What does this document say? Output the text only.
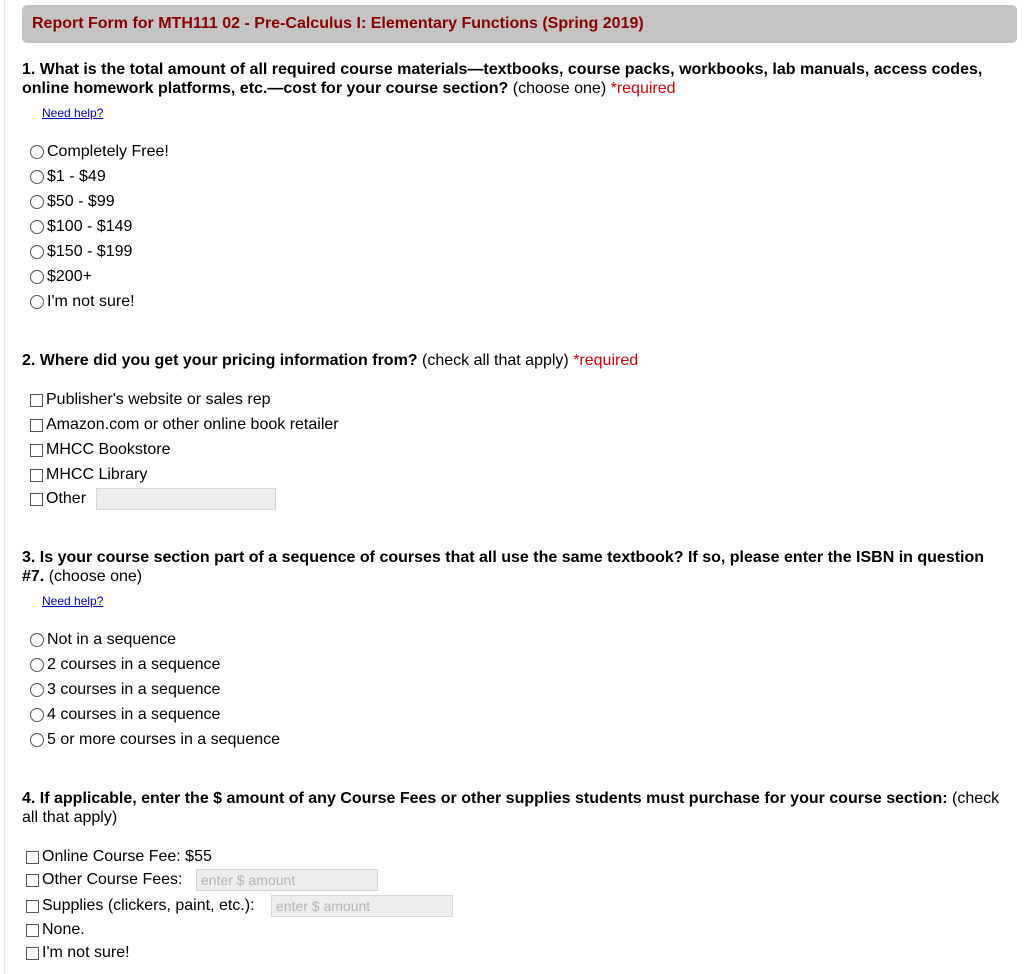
Report Form for MTH111 02 - Pre-Calculus I: Elementary Functions (Spring 2019)
1. What is the total amount of all required course materials—textbooks, course packs, workbooks, lab manuals, access codes, online homework platforms, etc.—cost for your course section? (choose one) *required
Need help?
Completely Free!
$1 - $49
$50 - $99
$100 - $149
$150 - $199
$200+
I'm not sure!
2. Where did you get your pricing information from? (check all that apply) *required
Publisher's website or sales rep
Amazon.com or other online book retailer
MHCC Bookstore
MHCC Library
Other
3. Is your course section part of a sequence of courses that all use the same textbook? If so, please enter the ISBN in question #7. (choose one)
Need help?
Not in a sequence
2 courses in a sequence
3 courses in a sequence
4 courses in a sequence
5 or more courses in a sequence
4. If applicable, enter the $ amount of any Course Fees or other supplies students must purchase for your course section: (check all that apply)
Online Course Fee: $55
Other Course Fees:
enter $ amount
Supplies (clickers, paint, etc.):
enter $ amount
None.
I'm not sure!
